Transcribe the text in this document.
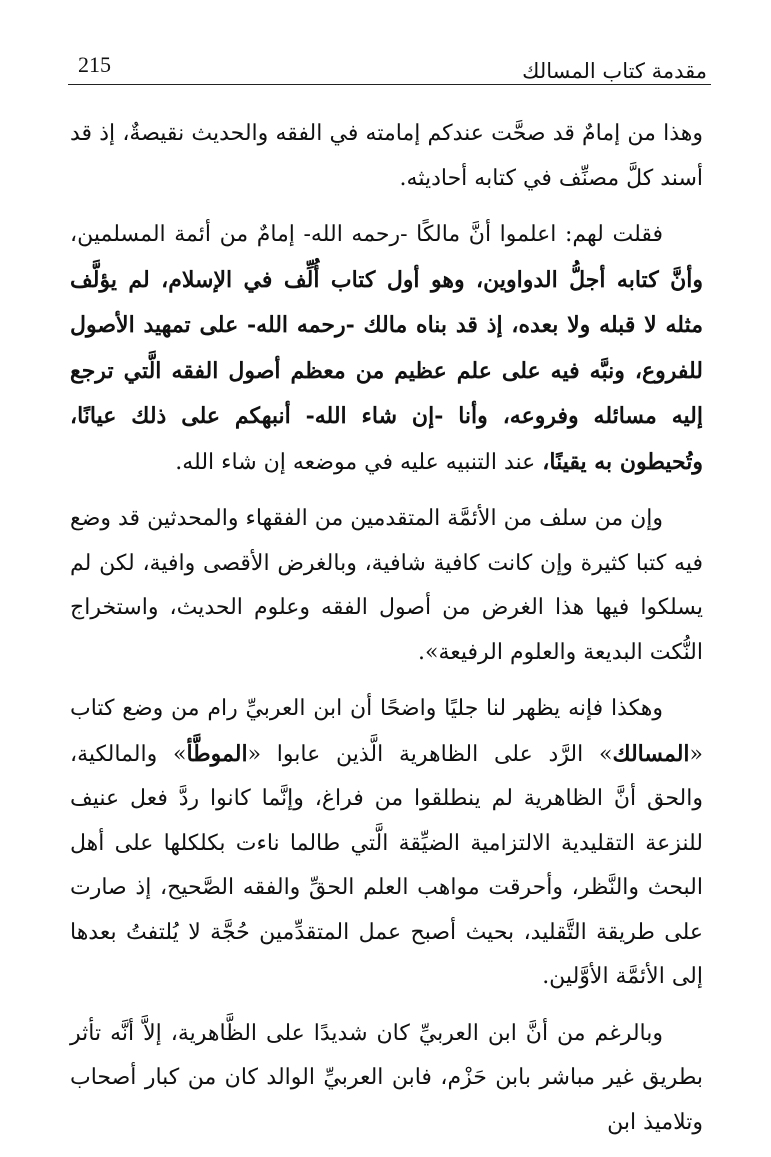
مقدمة كتاب المسالك
215

وهذا من إمامٌ قد صحَّت عندكم إمامته في الفقه والحديث نقيصةٌ، إذ قد أسند كلَّ مصنِّف في كتابه أحاديثه.

فقلت لهم: اعلموا أنَّ مالكًا -رحمه الله- إمامٌ من أئمة المسلمين، وأنَّ كتابه أجلُّ الدواوين، وهو أول كتاب أُلِّف في الإسلام، لم يؤلَّف مثله لا قبله ولا بعده، إذ قد بناه مالك -رحمه الله- على تمهيد الأصول للفروع، ونبَّه فيه على علم عظيم من معظم أصول الفقه الَّتي ترجع إليه مسائله وفروعه، وأنا -إن شاء الله- أنبهكم على ذلك عيانًا، وتُحيطون به يقينًا، عند التنبيه عليه في موضعه إن شاء الله.

وإن من سلف من الأئمَّة المتقدمين من الفقهاء والمحدثين قد وضع فيه كتبا كثيرة وإن كانت كافية شافية، وبالغرض الأقصى وافية، لكن لم يسلكوا فيها هذا الغرض من أصول الفقه وعلوم الحديث، واستخراج النُّكت البديعة والعلوم الرفيعة».

وهكذا فإنه يظهر لنا جليًا واضحًا أن ابن العربيِّ رام من وضع كتاب «المسالك» الرَّد على الظاهرية الَّذين عابوا «الموطَّأ» والمالكية، والحق أنَّ الظاهرية لم ينطلقوا من فراغ، وإنَّما كانوا ردَّ فعل عنيف للنزعة التقليدية الالتزامية الضيِّقة الَّتي طالما ناءت بكلكلها على أهل البحث والنَّظر، وأحرقت مواهب العلم الحقِّ والفقه الصَّحيح، إذ صارت على طريقة التَّقليد، بحيث أصبح عمل المتقدِّمين حُجَّة لا يُلتفتُ بعدها إلى الأئمَّة الأوَّلين.

وبالرغم من أنَّ ابن العربيِّ كان شديدًا على الظَّاهرية، إلاَّ أنَّه تأثر بطريق غير مباشر بابن حَزْم، فابن العربيِّ الوالد كان من كبار أصحاب وتلاميذ ابن
